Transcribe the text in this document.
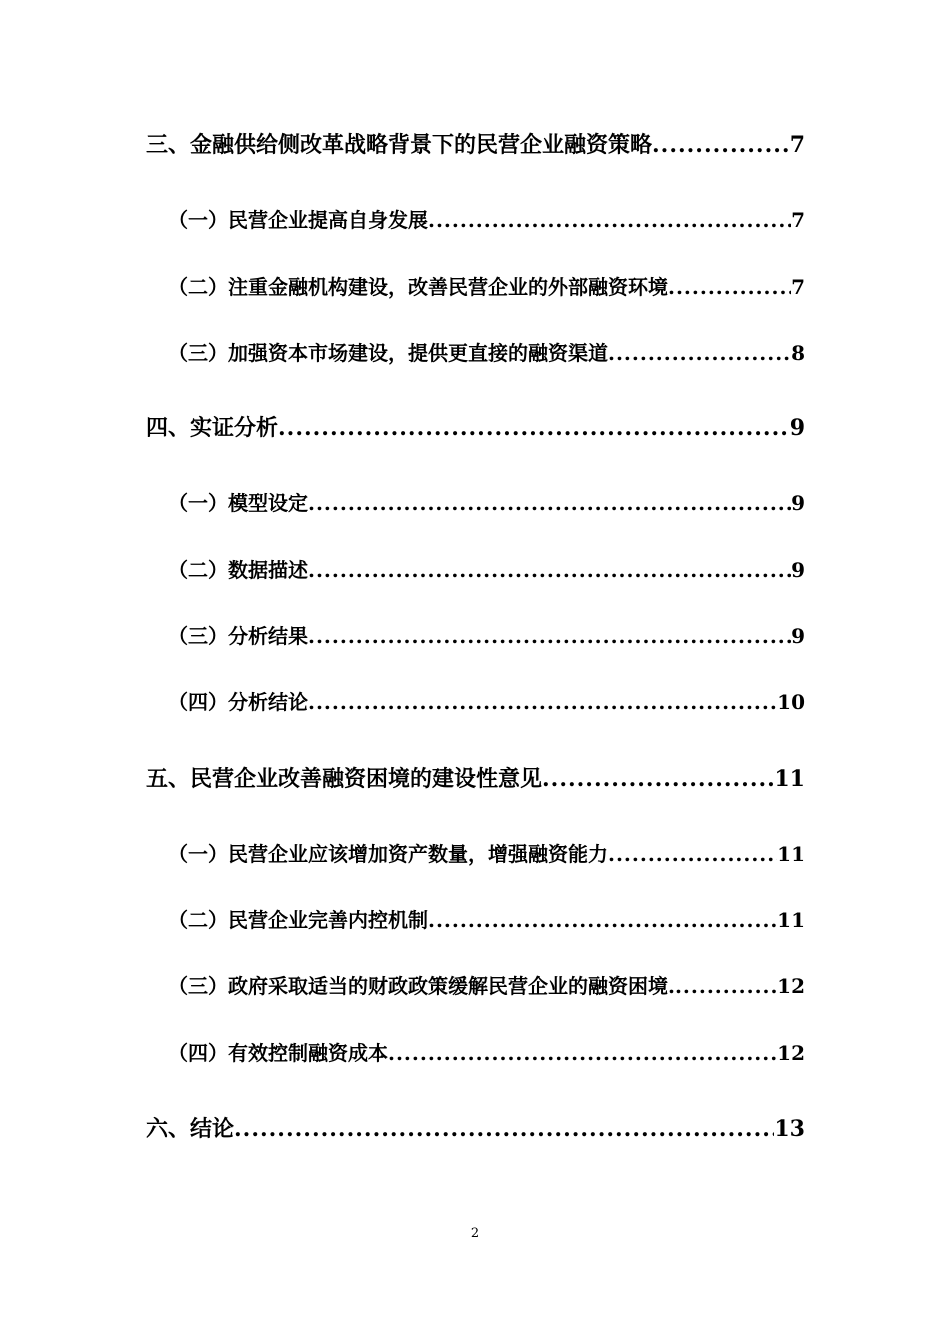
三、金融供给侧改革战略背景下的民营企业融资策略 .....	7
（一）民营企业提高自身发展 .....	7
（二）注重金融机构建设，改善民营企业的外部融资环境 .....	7
（三）加强资本市场建设，提供更直接的融资渠道 .....	8
四、实证分析 .....	9
（一）模型设定 .....	9
（二）数据描述 .....	9
（三）分析结果 .....	9
（四）分析结论 .....	10
五、民营企业改善融资困境的建设性意见 .....	11
（一）民营企业应该增加资产数量，增强融资能力 .....	11
（二）民营企业完善内控机制 .....	11
（三）政府采取适当的财政政策缓解民营企业的融资困境. .....	12
（四）有效控制融资成本 .....	12
六、结论 .....	13
2
